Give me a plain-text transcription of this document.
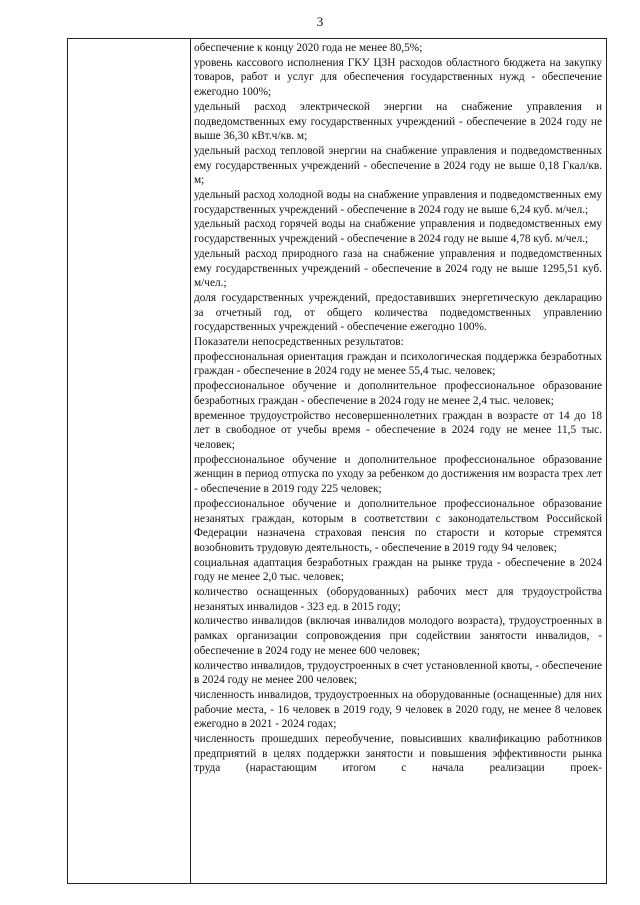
3

обеспечение к концу 2020 года не менее 80,5%;

уровень кассового исполнения ГКУ ЦЗН расходов областного бюджета на закупку товаров, работ и услуг для обеспечения государственных нужд - обеспечение ежегодно 100%;

удельный расход электрической энергии на снабжение управления и подведомственных ему государственных учреждений - обеспечение в 2024 году не выше 36,30 кВт.ч/кв. м;

удельный расход тепловой энергии на снабжение управления и подведомственных ему государственных учреждений - обеспечение в 2024 году не выше 0,18 Гкал/кв. м;

удельный расход холодной воды на снабжение управления и подведомственных ему государственных учреждений - обеспечение в 2024 году не выше 6,24 куб. м/чел.;

удельный расход горячей воды на снабжение управления и подведомственных ему государственных учреждений - обеспечение в 2024 году не выше 4,78 куб. м/чел.;

удельный расход природного газа на снабжение управления и подведомственных ему государственных учреждений - обеспечение в 2024 году не выше 1295,51 куб. м/чел.;

доля государственных учреждений, предоставивших энергетическую декларацию за отчетный год, от общего количества подведомственных управлению государственных учреждений - обеспечение ежегодно 100%.

Показатели непосредственных результатов:

профессиональная ориентация граждан и психологическая поддержка безработных граждан - обеспечение в 2024 году не менее 55,4 тыс. человек;

профессиональное обучение и дополнительное профессиональное образование безработных граждан - обеспечение в 2024 году не менее 2,4 тыс. человек;

временное трудоустройство несовершеннолетних граждан в возрасте от 14 до 18 лет в свободное от учебы время - обеспечение в 2024 году не менее 11,5 тыс. человек;

профессиональное обучение и дополнительное профессиональное образование женщин в период отпуска по уходу за ребенком до достижения им возраста трех лет - обеспечение в 2019 году 225 человек;

профессиональное обучение и дополнительное профессиональное образование незанятых граждан, которым в соответствии с законодательством Российской Федерации назначена страховая пенсия по старости и которые стремятся возобновить трудовую деятельность, - обеспечение в 2019 году 94 человек;

социальная адаптация безработных граждан на рынке труда - обеспечение в 2024 году не менее 2,0 тыс. человек;

количество оснащенных (оборудованных) рабочих мест для трудоустройства незанятых инвалидов - 323 ед. в 2015 году;

количество инвалидов (включая инвалидов молодого возраста), трудоустроенных в рамках организации сопровождения при содействии занятости инвалидов, - обеспечение в 2024 году не менее 600 человек;

количество инвалидов, трудоустроенных в счет установленной квоты, - обеспечение в 2024 году не менее 200 человек;

численность инвалидов, трудоустроенных на оборудованные (оснащенные) для них рабочие места, - 16 человек в 2019 году, 9 человек в 2020 году, не менее 8 человек ежегодно в 2021 - 2024 годах;

численность прошедших переобучение, повысивших квалификацию работников предприятий в целях поддержки занятости и повышения эффективности рынка труда (нарастающим итогом с начала реализации проек-
